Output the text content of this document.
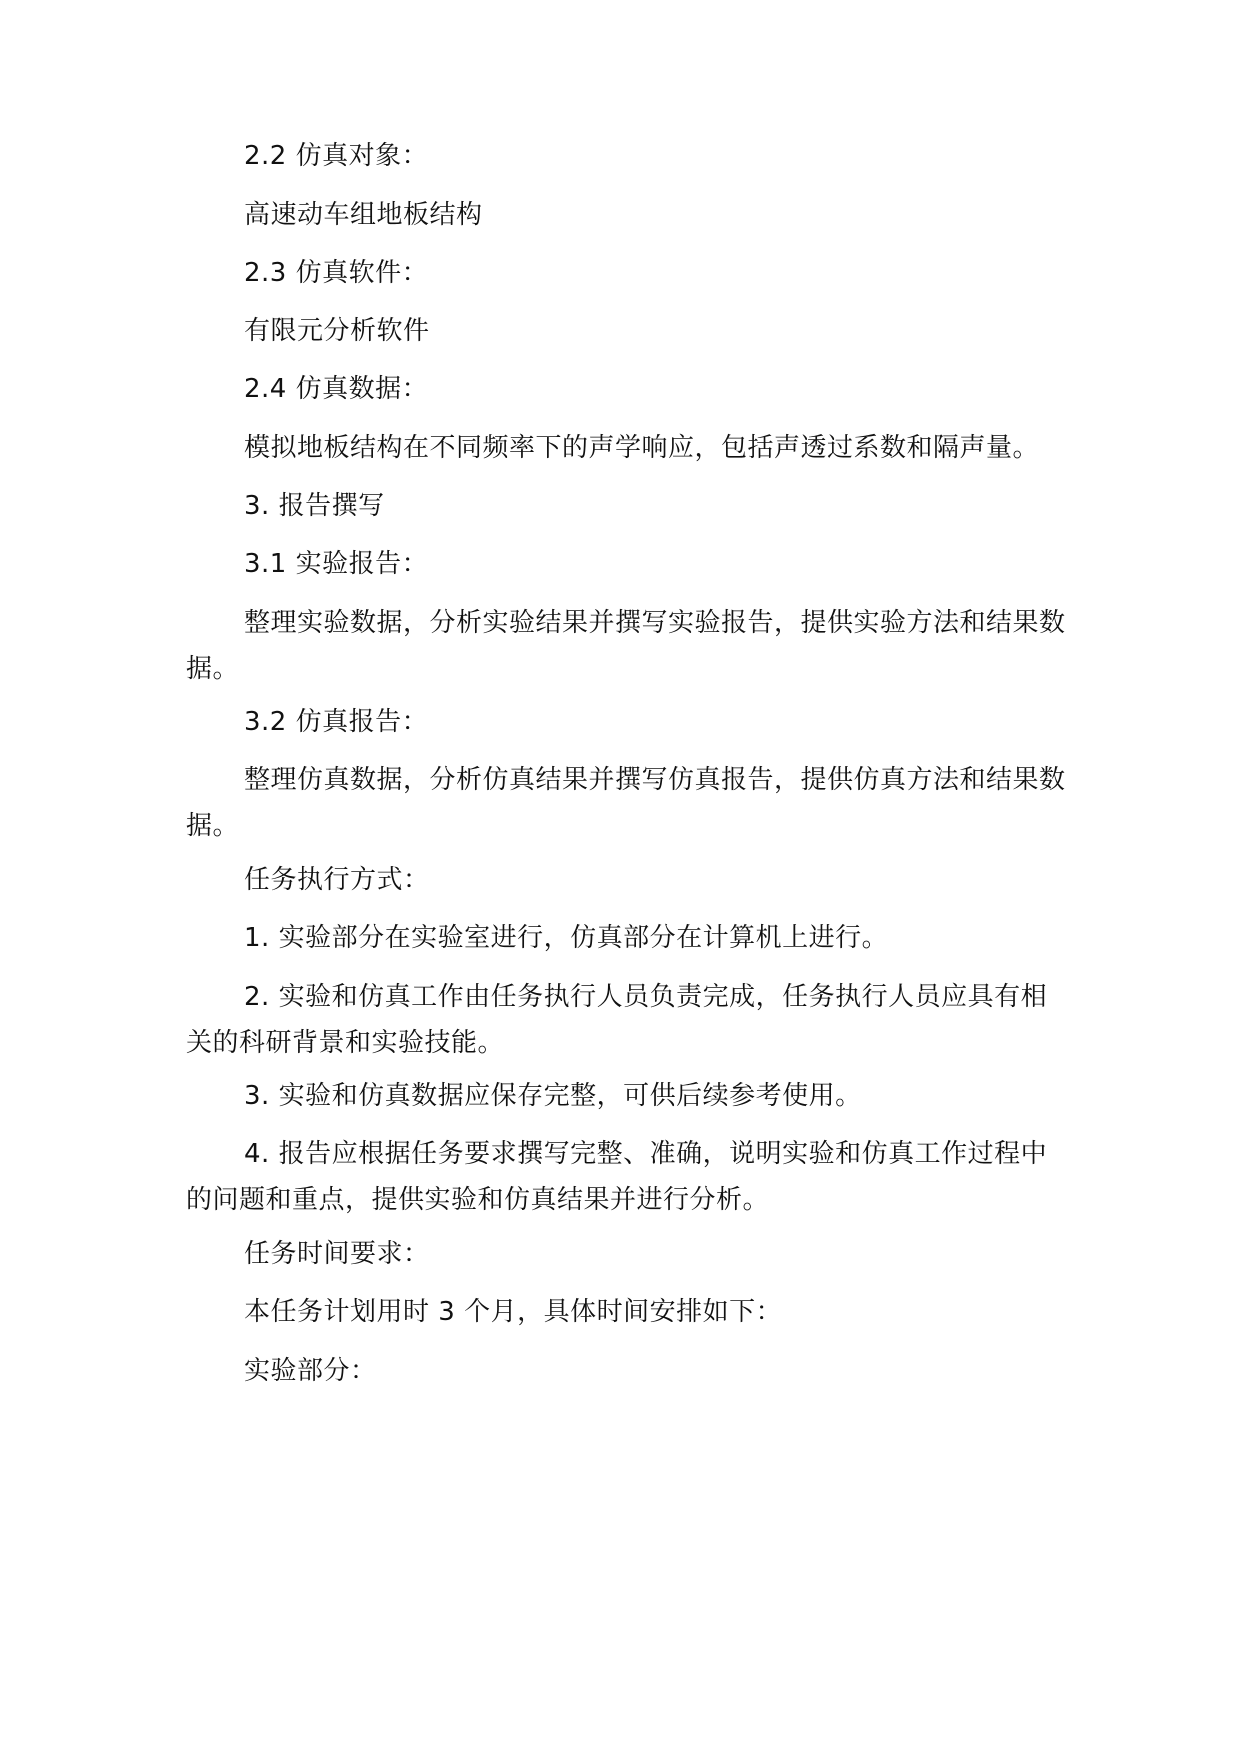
2.2 仿真对象：

高速动车组地板结构

2.3 仿真软件：

有限元分析软件

2.4 仿真数据：

模拟地板结构在不同频率下的声学响应，包括声透过系数和隔声量。

3. 报告撰写

3.1 实验报告：

整理实验数据，分析实验结果并撰写实验报告，提供实验方法和结果数据。

3.2 仿真报告：

整理仿真数据，分析仿真结果并撰写仿真报告，提供仿真方法和结果数据。

任务执行方式：

1. 实验部分在实验室进行，仿真部分在计算机上进行。

2. 实验和仿真工作由任务执行人员负责完成，任务执行人员应具有相关的科研背景和实验技能。

3. 实验和仿真数据应保存完整，可供后续参考使用。

4. 报告应根据任务要求撰写完整、准确，说明实验和仿真工作过程中的问题和重点，提供实验和仿真结果并进行分析。

任务时间要求：

本任务计划用时 3 个月，具体时间安排如下：

实验部分：
